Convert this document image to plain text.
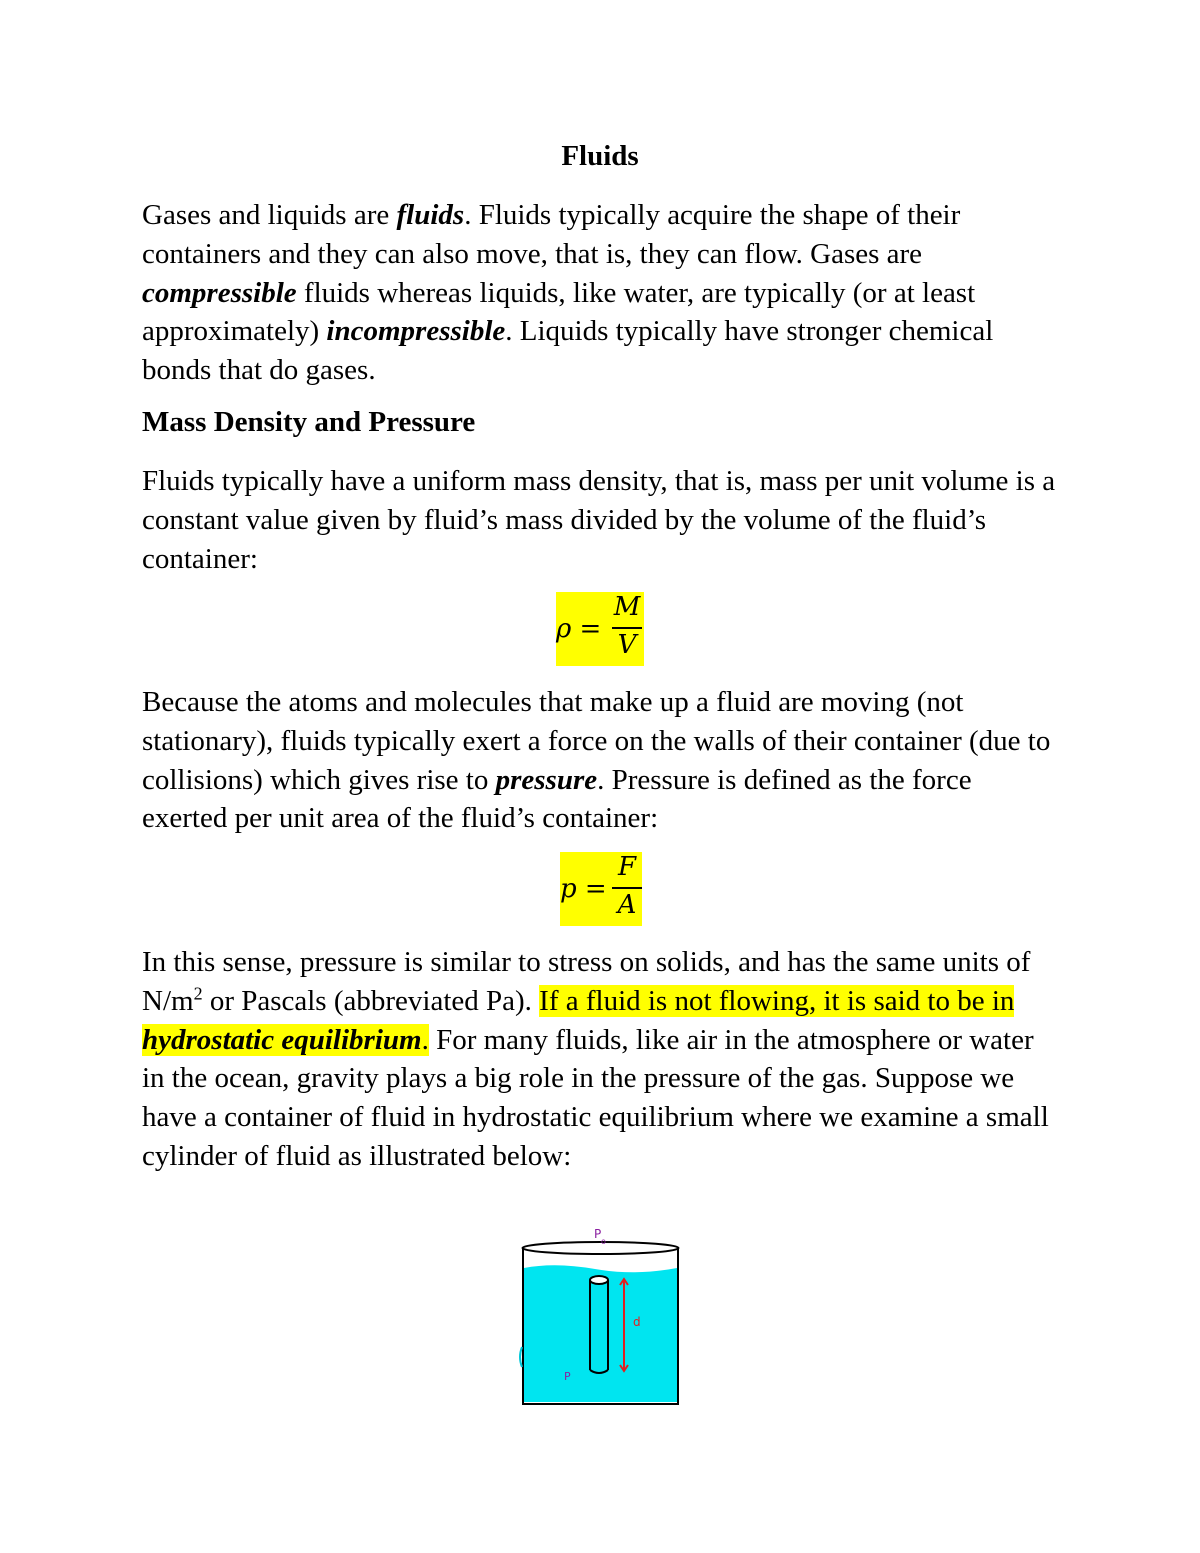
Fluids
Gases and liquids are fluids. Fluids typically acquire the shape of their containers and they can also move, that is, they can flow. Gases are compressible fluids whereas liquids, like water, are typically (or at least approximately) incompressible. Liquids typically have stronger chemical bonds that do gases.
Mass Density and Pressure
Fluids typically have a uniform mass density, that is, mass per unit volume is a constant value given by fluid’s mass divided by the volume of the fluid’s container:
ρ =
M
V
Because the atoms and molecules that make up a fluid are moving (not stationary), fluids typically exert a force on the walls of their container (due to collisions) which gives rise to pressure. Pressure is defined as the force exerted per unit area of the fluid’s container:
p =
F
A
In this sense, pressure is similar to stress on solids, and has the same units of $N/m^2$ or Pascals (abbreviated Pa). If a fluid is not flowing, it is said to be in hydrostatic equilibrium. For many fluids, like air in the atmosphere or water in the ocean, gravity plays a big role in the pressure of the gas. Suppose we have a container of fluid in hydrostatic equilibrium where we examine a small cylinder of fluid as illustrated below:
P
o
d
P
